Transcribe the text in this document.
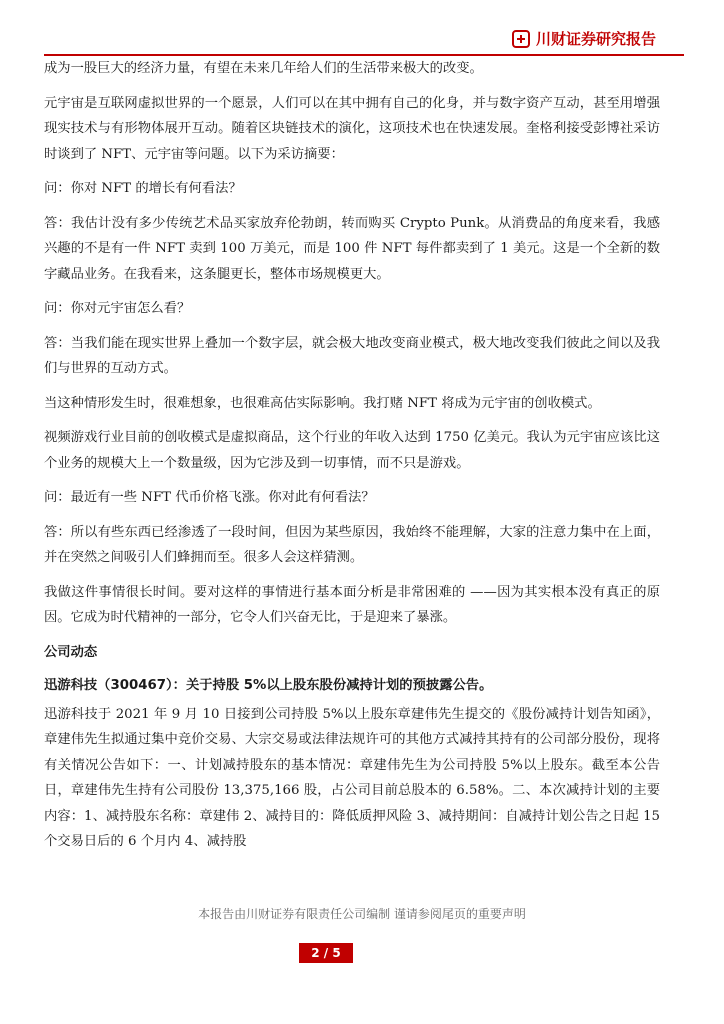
川财证券研究报告

成为一股巨大的经济力量，有望在未来几年给人们的生活带来极大的改变。

元宇宙是互联网虚拟世界的一个愿景，人们可以在其中拥有自己的化身，并与数字资产互动，甚至用增强现实技术与有形物体展开互动。随着区块链技术的演化，这项技术也在快速发展。奎格利接受彭博社采访时谈到了 NFT、元宇宙等问题。以下为采访摘要：

问：你对 NFT 的增长有何看法？

答：我估计没有多少传统艺术品买家放弃伦勃朗，转而购买 Crypto Punk。从消费品的角度来看，我感兴趣的不是有一件 NFT 卖到 100 万美元，而是 100 件 NFT 每件都卖到了 1 美元。这是一个全新的数字藏品业务。在我看来，这条腿更长，整体市场规模更大。

问：你对元宇宙怎么看？

答：当我们能在现实世界上叠加一个数字层，就会极大地改变商业模式，极大地改变我们彼此之间以及我们与世界的互动方式。

当这种情形发生时，很难想象，也很难高估实际影响。我打赌 NFT 将成为元宇宙的创收模式。

视频游戏行业目前的创收模式是虚拟商品，这个行业的年收入达到 1750 亿美元。我认为元宇宙应该比这个业务的规模大上一个数量级，因为它涉及到一切事情，而不只是游戏。

问：最近有一些 NFT 代币价格飞涨。你对此有何看法？

答：所以有些东西已经渗透了一段时间，但因为某些原因，我始终不能理解，大家的注意力集中在上面，并在突然之间吸引人们蜂拥而至。很多人会这样猜测。

我做这件事情很长时间。要对这样的事情进行基本面分析是非常困难的 ——因为其实根本没有真正的原因。它成为时代精神的一部分，它令人们兴奋无比，于是迎来了暴涨。

公司动态

迅游科技（300467）：关于持股 5%以上股东股份减持计划的预披露公告。

迅游科技于 2021 年 9 月 10 日接到公司持股 5%以上股东章建伟先生提交的《股份减持计划告知函》，章建伟先生拟通过集中竞价交易、大宗交易或法律法规许可的其他方式减持其持有的公司部分股份，现将有关情况公告如下：一、计划减持股东的基本情况：章建伟先生为公司持股 5%以上股东。截至本公告日，章建伟先生持有公司股份 13,375,166 股，占公司目前总股本的 6.58%。二、本次减持计划的主要内容：1、减持股东名称：章建伟 2、减持目的：降低质押风险 3、减持期间：自减持计划公告之日起 15 个交易日后的 6 个月内 4、减持股

本报告由川财证券有限责任公司编制 谨请参阅尾页的重要声明
2 / 5
